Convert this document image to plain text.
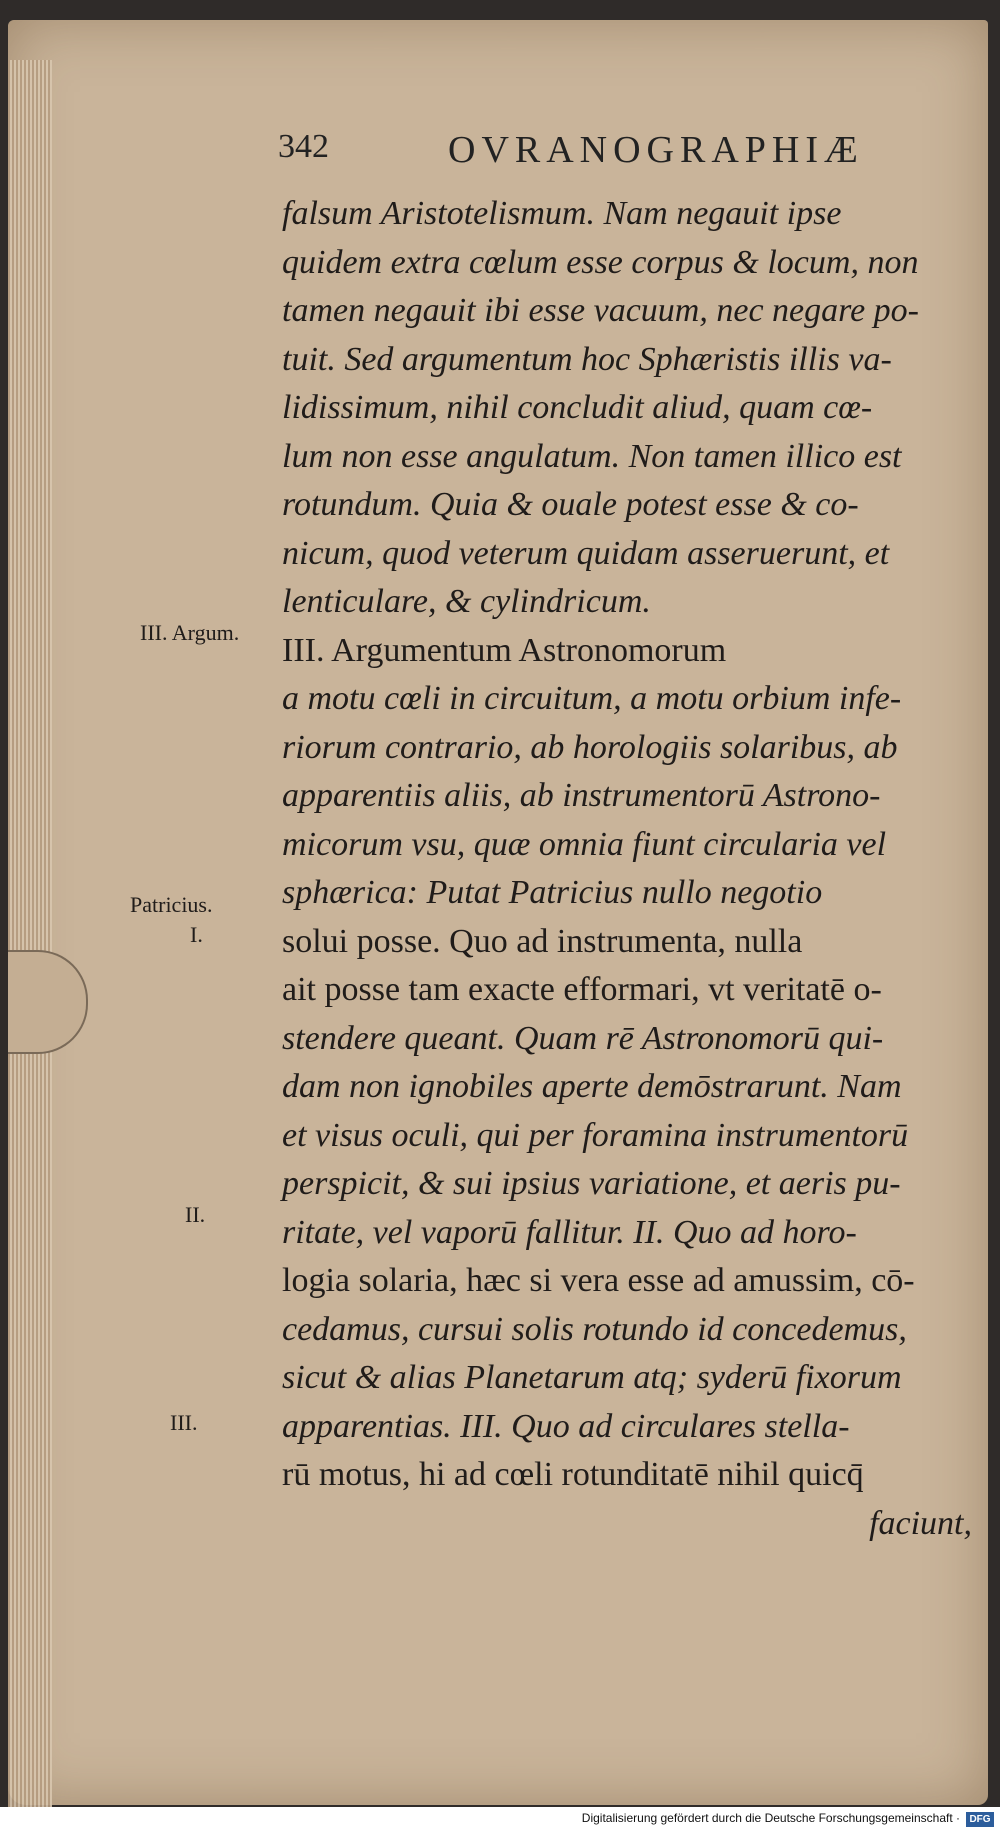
342	OVRANOGRAPHIÆ
falsum Aristotelismum. Nam negauit ipse
quidem extra cœlum esse corpus & locum, non
tamen negauit ibi esse vacuum, nec negare po-
tuit. Sed argumentum hoc Sphæristis illis va-
lidissimum, nihil concludit aliud, quam cœ-
lum non esse angulatum. Non tamen illico est
rotundum. Quia & ouale potest esse & co-
nicum, quod veterum quidam asseruerunt, et
lenticulare, & cylindricum.
III. Argumentum Astronomorum
a motu cœli in circuitum, a motu orbium infe-
riorum contrario, ab horologiis solaribus, ab
apparentiis aliis, ab instrumentorū Astrono-
micorum vsu, quæ omnia fiunt circularia vel
sphærica: Putat Patricius nullo negotio
solui posse. Quo ad instrumenta, nulla
ait posse tam exacte efformari, vt veritatē o-
stendere queant. Quam rē Astronomorū qui-
dam non ignobiles aperte demōstrarunt. Nam
et visus oculi, qui per foramina instrumentorū
perspicit, & sui ipsius variatione, et aeris pu-
ritate, vel vaporū fallitur. II. Quo ad horo-
logia solaria, hæc si vera esse ad amussim, cō-
cedamus, cursui solis rotundo id concedemus,
sicut & alias Planetarum atq; syderū fixorum
apparentias. III. Quo ad circulares stella-
rū motus, hi ad cœli rotunditatē nihil quicq̄
faciunt,
III. Argum.
Patricius.
I.
II.
III.
Digitalisierung gefördert durch die Deutsche Forschungsgemeinschaft · DFG
